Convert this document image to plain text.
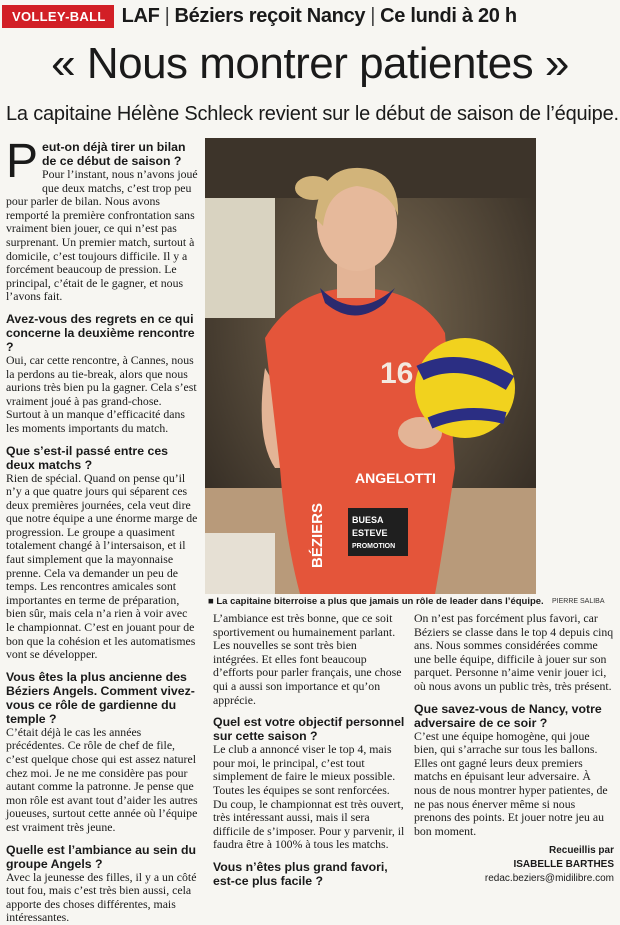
VOLLEY-BALL LAF | Béziers reçoit Nancy | Ce lundi à 20 h
« Nous montrer patientes »
La capitaine Hélène Schleck revient sur le début de saison de l’équipe.

Peut-on déjà tirer un bilan de ce début de saison ?

Pour l’instant, nous n’avons joué que deux matchs, c’est trop peu pour parler de bilan. Nous avons remporté la première confrontation sans vraiment bien jouer, ce qui n’est pas surprenant. Un premier match, surtout à domicile, c’est toujours difficile. Il y a forcément beaucoup de pression. Le principal, c’était de le gagner, et nous l’avons fait.

Avez-vous des regrets en ce qui concerne la deuxième rencontre ?

Oui, car cette rencontre, à Cannes, nous la perdons au tie-break, alors que nous aurions très bien pu la gagner. Cela s’est vraiment joué à pas grand-chose. Surtout à un manque d’efficacité dans les moments importants du match.

Que s’est-il passé entre ces deux matchs ?

Rien de spécial. Quand on pense qu’il n’y a que quatre jours qui séparent ces deux premières journées, cela veut dire que notre équipe a une énorme marge de progression. Le groupe a quasiment totalement changé à l’intersaison, et il faut simplement que la mayonnaise prenne. Cela va demander un peu de temps. Les rencontres amicales sont importantes en terme de préparation, bien sûr, mais cela n’a rien à voir avec le championnat. C’est en jouant pour de bon que la cohésion et les automatismes vont se développer.

Vous êtes la plus ancienne des Béziers Angels. Comment vivez-vous ce rôle de gardienne du temple ?

C’était déjà le cas les années précédentes. Ce rôle de chef de file, c’est quelque chose qui est assez naturel chez moi. Je ne me considère pas pour autant comme la patronne. Je pense que mon rôle est avant tout d’aider les autres joueuses, surtout cette année où l’équipe est vraiment très jeune.

Quelle est l’ambiance au sein du groupe Angels ?

Avec la jeunesse des filles, il y a un côté tout fou, mais c’est très bien aussi, cela apporte des choses différentes, mais intéressantes.

16
ANGELOTTI
BUESA
ESTEVE
PROMOTION
BÉZIERS
■ La capitaine biterroise a plus que jamais un rôle de leader dans l’équipe.	PIERRE SALIBA

L’ambiance est très bonne, que ce soit sportivement ou humainement parlant. Les nouvelles se sont très bien intégrées. Et elles font beaucoup d’efforts pour parler français, une chose qui a aussi son importance et qu’on apprécie.

Quel est votre objectif personnel sur cette saison ?

Le club a annoncé viser le top 4, mais pour moi, le principal, c’est tout simplement de faire le mieux possible. Toutes les équipes se sont renforcées. Du coup, le championnat est très ouvert, très intéressant aussi, mais il sera difficile de s’imposer. Pour y parvenir, il faudra être à 100% à tous les matchs.

Vous n’êtes plus grand favori, est-ce plus facile ?

On n’est pas forcément plus favori, car Béziers se classe dans le top 4 depuis cinq ans. Nous sommes considérées comme une belle équipe, difficile à jouer sur son parquet. Personne n’aime venir jouer ici, où nous avons un public très, très présent.

Que savez-vous de Nancy, votre adversaire de ce soir ?

C’est une équipe homogène, qui joue bien, qui s’arrache sur tous les ballons. Elles ont gagné leurs deux premiers matchs en épuisant leur adversaire. À nous de nous montrer hyper patientes, de ne pas nous énerver même si nous prenons des points. Et jouer notre jeu au bon moment.

Recueillis par

ISABELLE BARTHES

redac.beziers@midilibre.com
